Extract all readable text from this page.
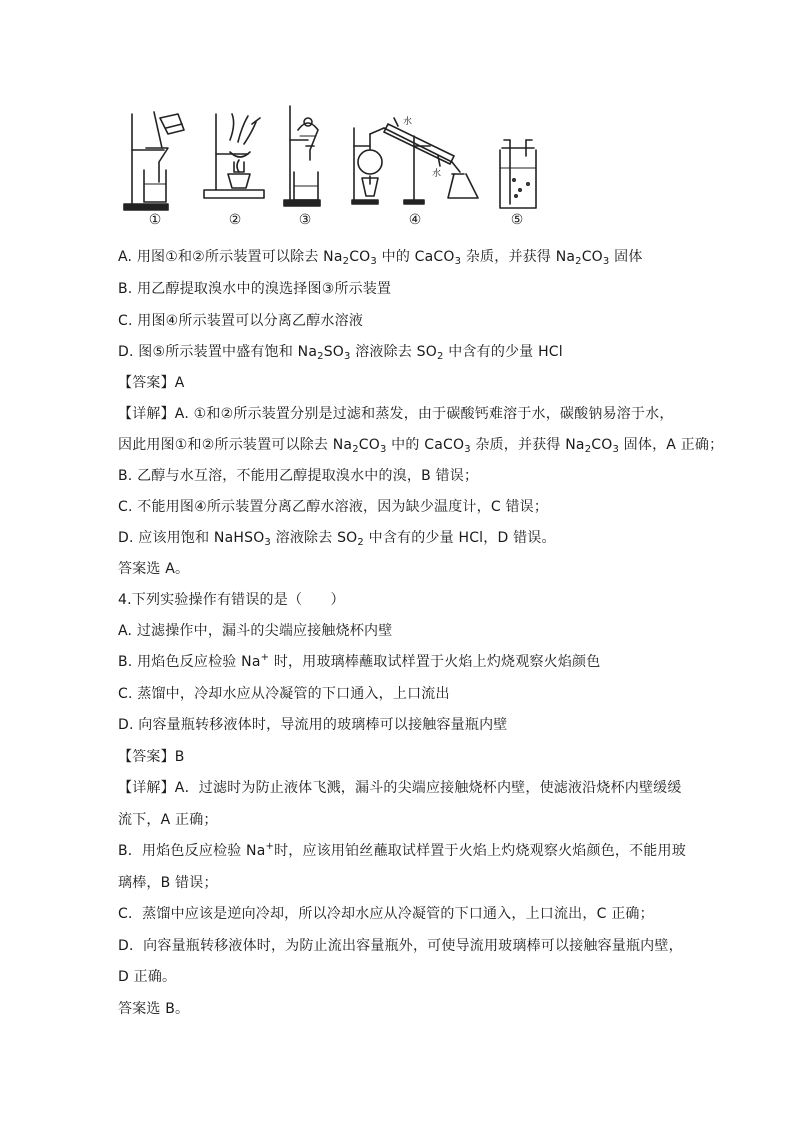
①	②	③	④	⑤
水
水
A. 用图①和②所示装置可以除去 $Na_2CO_3$ 中的 CaCO$_3$ 杂质，并获得 $Na_2CO_3$ 固体
B. 用乙醇提取溴水中的溴选择图③所示装置
C. 用图④所示装置可以分离乙醇水溶液
D. 图⑤所示装置中盛有饱和 $Na_2SO_3$ 溶液除去 $SO_2$ 中含有的少量 HCl
【答案】A
【详解】A. ①和②所示装置分别是过滤和蒸发，由于碳酸钙难溶于水，碳酸钠易溶于水，
因此用图①和②所示装置可以除去 $Na_2CO_3$ 中的 CaCO$_3$ 杂质，并获得 $Na_2CO_3$ 固体，A 正确；
B. 乙醇与水互溶，不能用乙醇提取溴水中的溴，B 错误；
C. 不能用图④所示装置分离乙醇水溶液，因为缺少温度计，C 错误；
D. 应该用饱和 NaHSO$_3$ 溶液除去 $SO_2$ 中含有的少量 HCl，D 错误。
答案选 A。
4.下列实验操作有错误的是（　　）
A. 过滤操作中，漏斗的尖端应接触烧杯内壁
B. 用焰色反应检验 Na+ 时，用玻璃棒蘸取试样置于火焰上灼烧观察火焰颜色
C. 蒸馏中，冷却水应从冷凝管的下口通入，上口流出
D. 向容量瓶转移液体时，导流用的玻璃棒可以接触容量瓶内壁
【答案】B
【详解】A．过滤时为防止液体飞溅，漏斗的尖端应接触烧杯内壁，使滤液沿烧杯内壁缓缓
流下，A 正确；
B．用焰色反应检验 Na+时，应该用铂丝蘸取试样置于火焰上灼烧观察火焰颜色，不能用玻
璃棒，B 错误；
C．蒸馏中应该是逆向冷却，所以冷却水应从冷凝管的下口通入，上口流出，C 正确；
D．向容量瓶转移液体时，为防止流出容量瓶外，可使导流用玻璃棒可以接触容量瓶内壁，
D 正确。
答案选 B。
